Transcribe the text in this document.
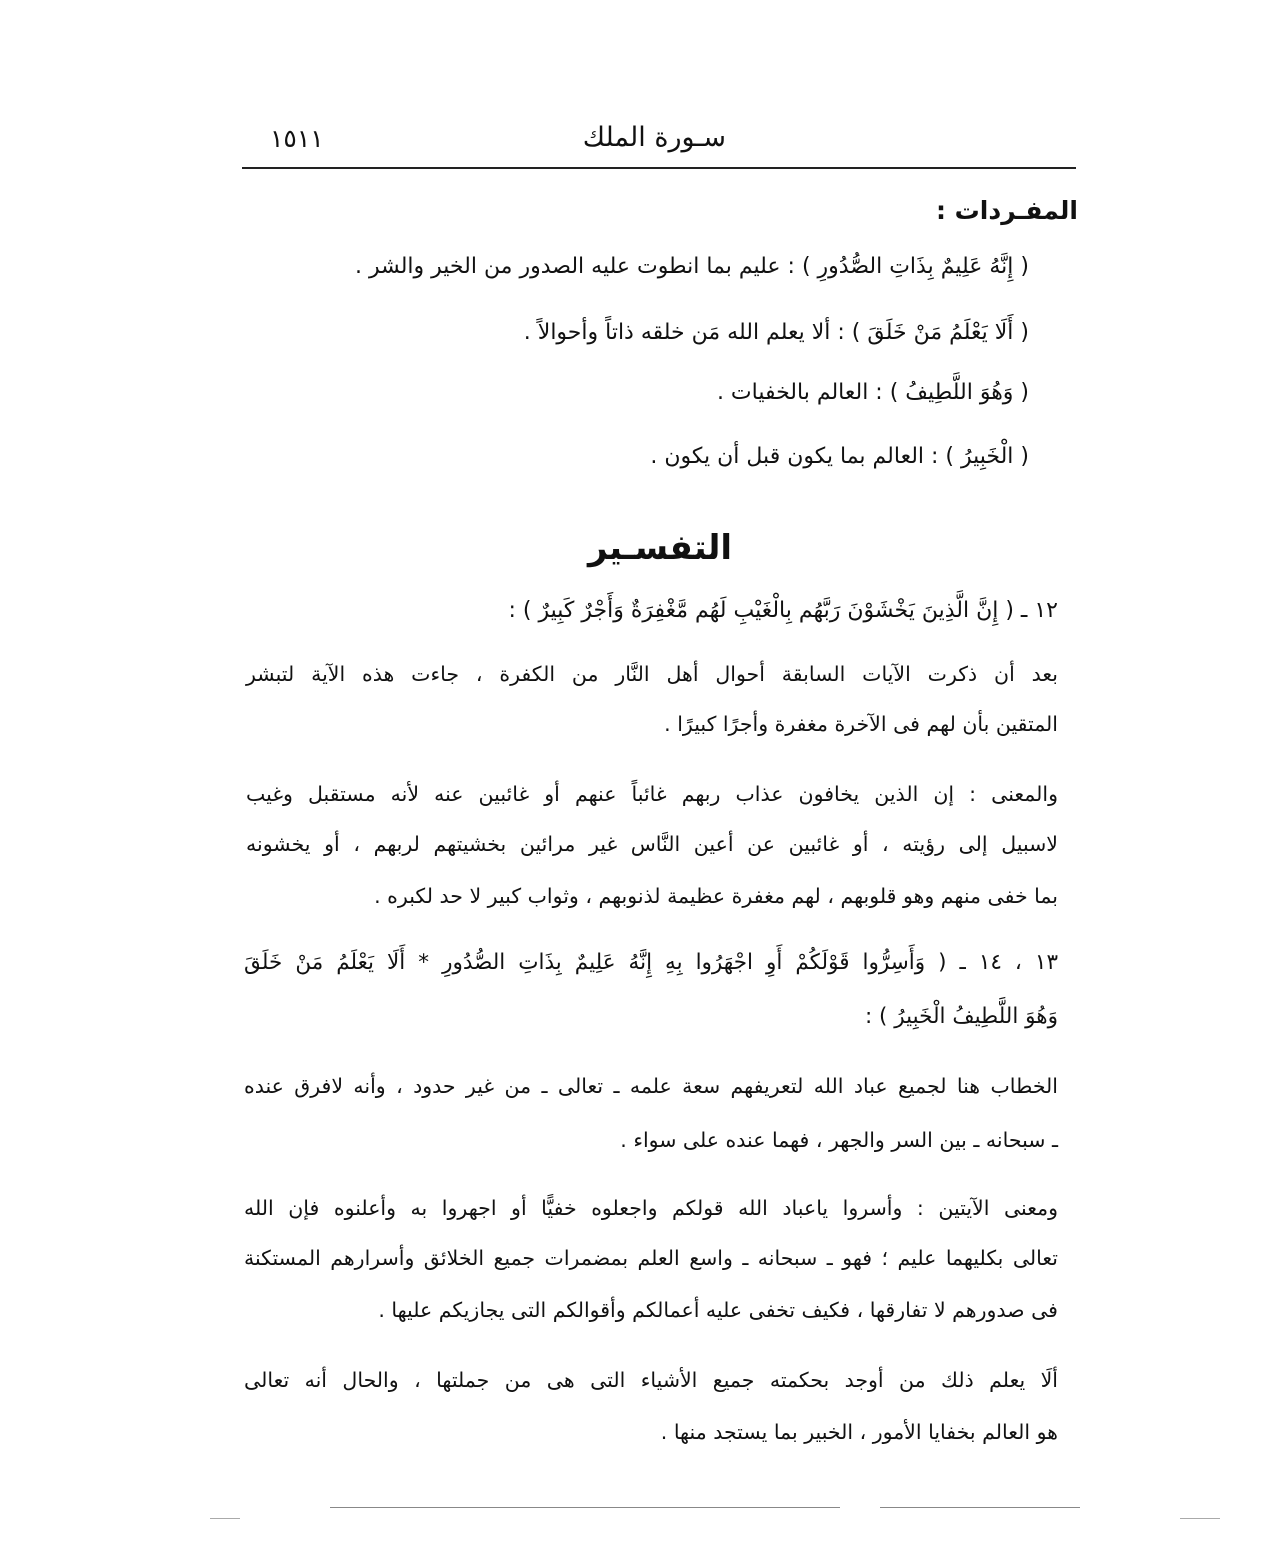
سـورة الملك
١٥١١
المفـردات :
( إِنَّهُ عَلِيمٌ بِذَاتِ الصُّدُورِ ) : عليم بما انطوت عليه الصدور من الخير والشر .
( أَلَا يَعْلَمُ مَنْ خَلَقَ ) : ألا يعلم الله مَن خلقه ذاتاً وأحوالاً .
( وَهُوَ اللَّطِيفُ ) : العالم بالخفيات .
( الْخَبِيرُ ) : العالم بما يكون قبل أن يكون .
التفسـير
١٢ ـ ( إِنَّ الَّذِينَ يَخْشَوْنَ رَبَّهُم بِالْغَيْبِ لَهُم مَّغْفِرَةٌ وَأَجْرٌ كَبِيرٌ ) :
بعد أن ذكرت الآيات السابقة أحوال أهل النَّار من الكفرة ، جاءت هذه الآية لتبشر
المتقين بأن لهم فى الآخرة مغفرة وأجرًا كبيرًا .
والمعنى : إن الذين يخافون عذاب ربهم غائباً عنهم أو غائبين عنه لأنه مستقبل وغيب
لاسبيل إلى رؤيته ، أو غائبين عن أعين النَّاس غير مرائين بخشيتهم لربهم ، أو يخشونه
بما خفى منهم وهو قلوبهم ، لهم مغفرة عظيمة لذنوبهم ، وثواب كبير لا حد لكبره .
١٣ ، ١٤ ـ ( وَأَسِرُّوا قَوْلَكُمْ أَوِ اجْهَرُوا بِهِ إِنَّهُ عَلِيمٌ بِذَاتِ الصُّدُورِ * أَلَا يَعْلَمُ مَنْ خَلَقَ
وَهُوَ اللَّطِيفُ الْخَبِيرُ ) :
الخطاب هنا لجميع عباد الله لتعريفهم سعة علمه ـ تعالى ـ من غير حدود ، وأنه لافرق عنده
ـ سبحانه ـ بين السر والجهر ، فهما عنده على سواء .
ومعنى الآيتين : وأسروا ياعباد الله قولكم واجعلوه خفيًّا أو اجهروا به وأعلنوه فإن الله
تعالى بكليهما عليم ؛ فهو ـ سبحانه ـ واسع العلم بمضمرات جميع الخلائق وأسرارهم المستكنة
فى صدورهم لا تفارقها ، فكيف تخفى عليه أعمالكم وأقوالكم التى يجازيكم عليها .
ألَا يعلم ذلك من أوجد بحكمته جميع الأشياء التى هى من جملتها ، والحال أنه تعالى
هو العالم بخفايا الأمور ، الخبير بما يستجد منها .
